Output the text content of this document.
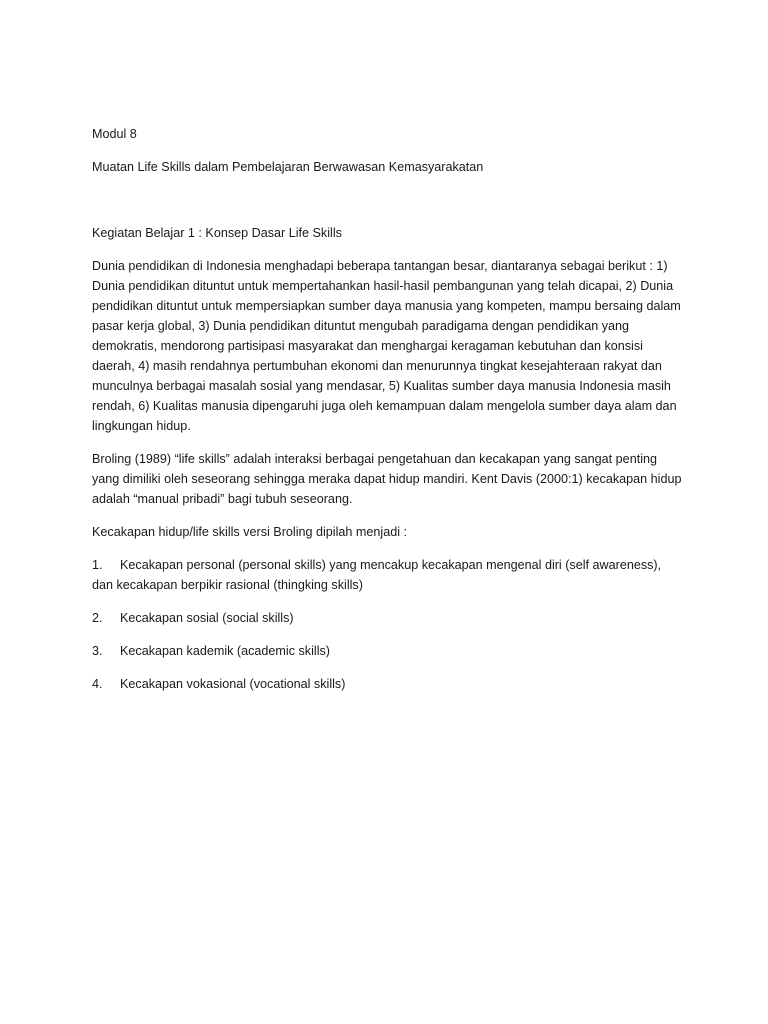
Modul 8

Muatan Life Skills dalam Pembelajaran Berwawasan Kemasyarakatan

Kegiatan Belajar 1 : Konsep Dasar Life Skills

Dunia pendidikan di Indonesia menghadapi beberapa tantangan besar, diantaranya sebagai berikut : 1) Dunia pendidikan dituntut untuk mempertahankan hasil-hasil pembangunan yang telah dicapai, 2) Dunia pendidikan dituntut untuk mempersiapkan sumber daya manusia yang kompeten, mampu bersaing dalam pasar kerja global, 3) Dunia pendidikan dituntut mengubah paradigama dengan pendidikan yang demokratis, mendorong partisipasi masyarakat dan menghargai keragaman kebutuhan dan konsisi daerah, 4) masih rendahnya pertumbuhan ekonomi dan menurunnya tingkat kesejahteraan rakyat dan munculnya berbagai masalah sosial yang mendasar, 5) Kualitas sumber daya manusia Indonesia masih rendah, 6) Kualitas manusia dipengaruhi juga oleh kemampuan dalam mengelola sumber daya alam dan lingkungan hidup.

Broling (1989) “life skills” adalah interaksi berbagai pengetahuan dan kecakapan yang sangat penting yang dimiliki oleh seseorang sehingga meraka dapat hidup mandiri. Kent Davis (2000:1) kecakapan hidup adalah “manual pribadi” bagi tubuh seseorang.

Kecakapan hidup/life skills versi Broling dipilah menjadi :

1. Kecakapan personal (personal skills) yang mencakup kecakapan mengenal diri (self awareness), dan kecakapan berpikir rasional (thingking skills)

2. Kecakapan sosial (social skills)

3. Kecakapan kademik (academic skills)

4. Kecakapan vokasional (vocational skills)
